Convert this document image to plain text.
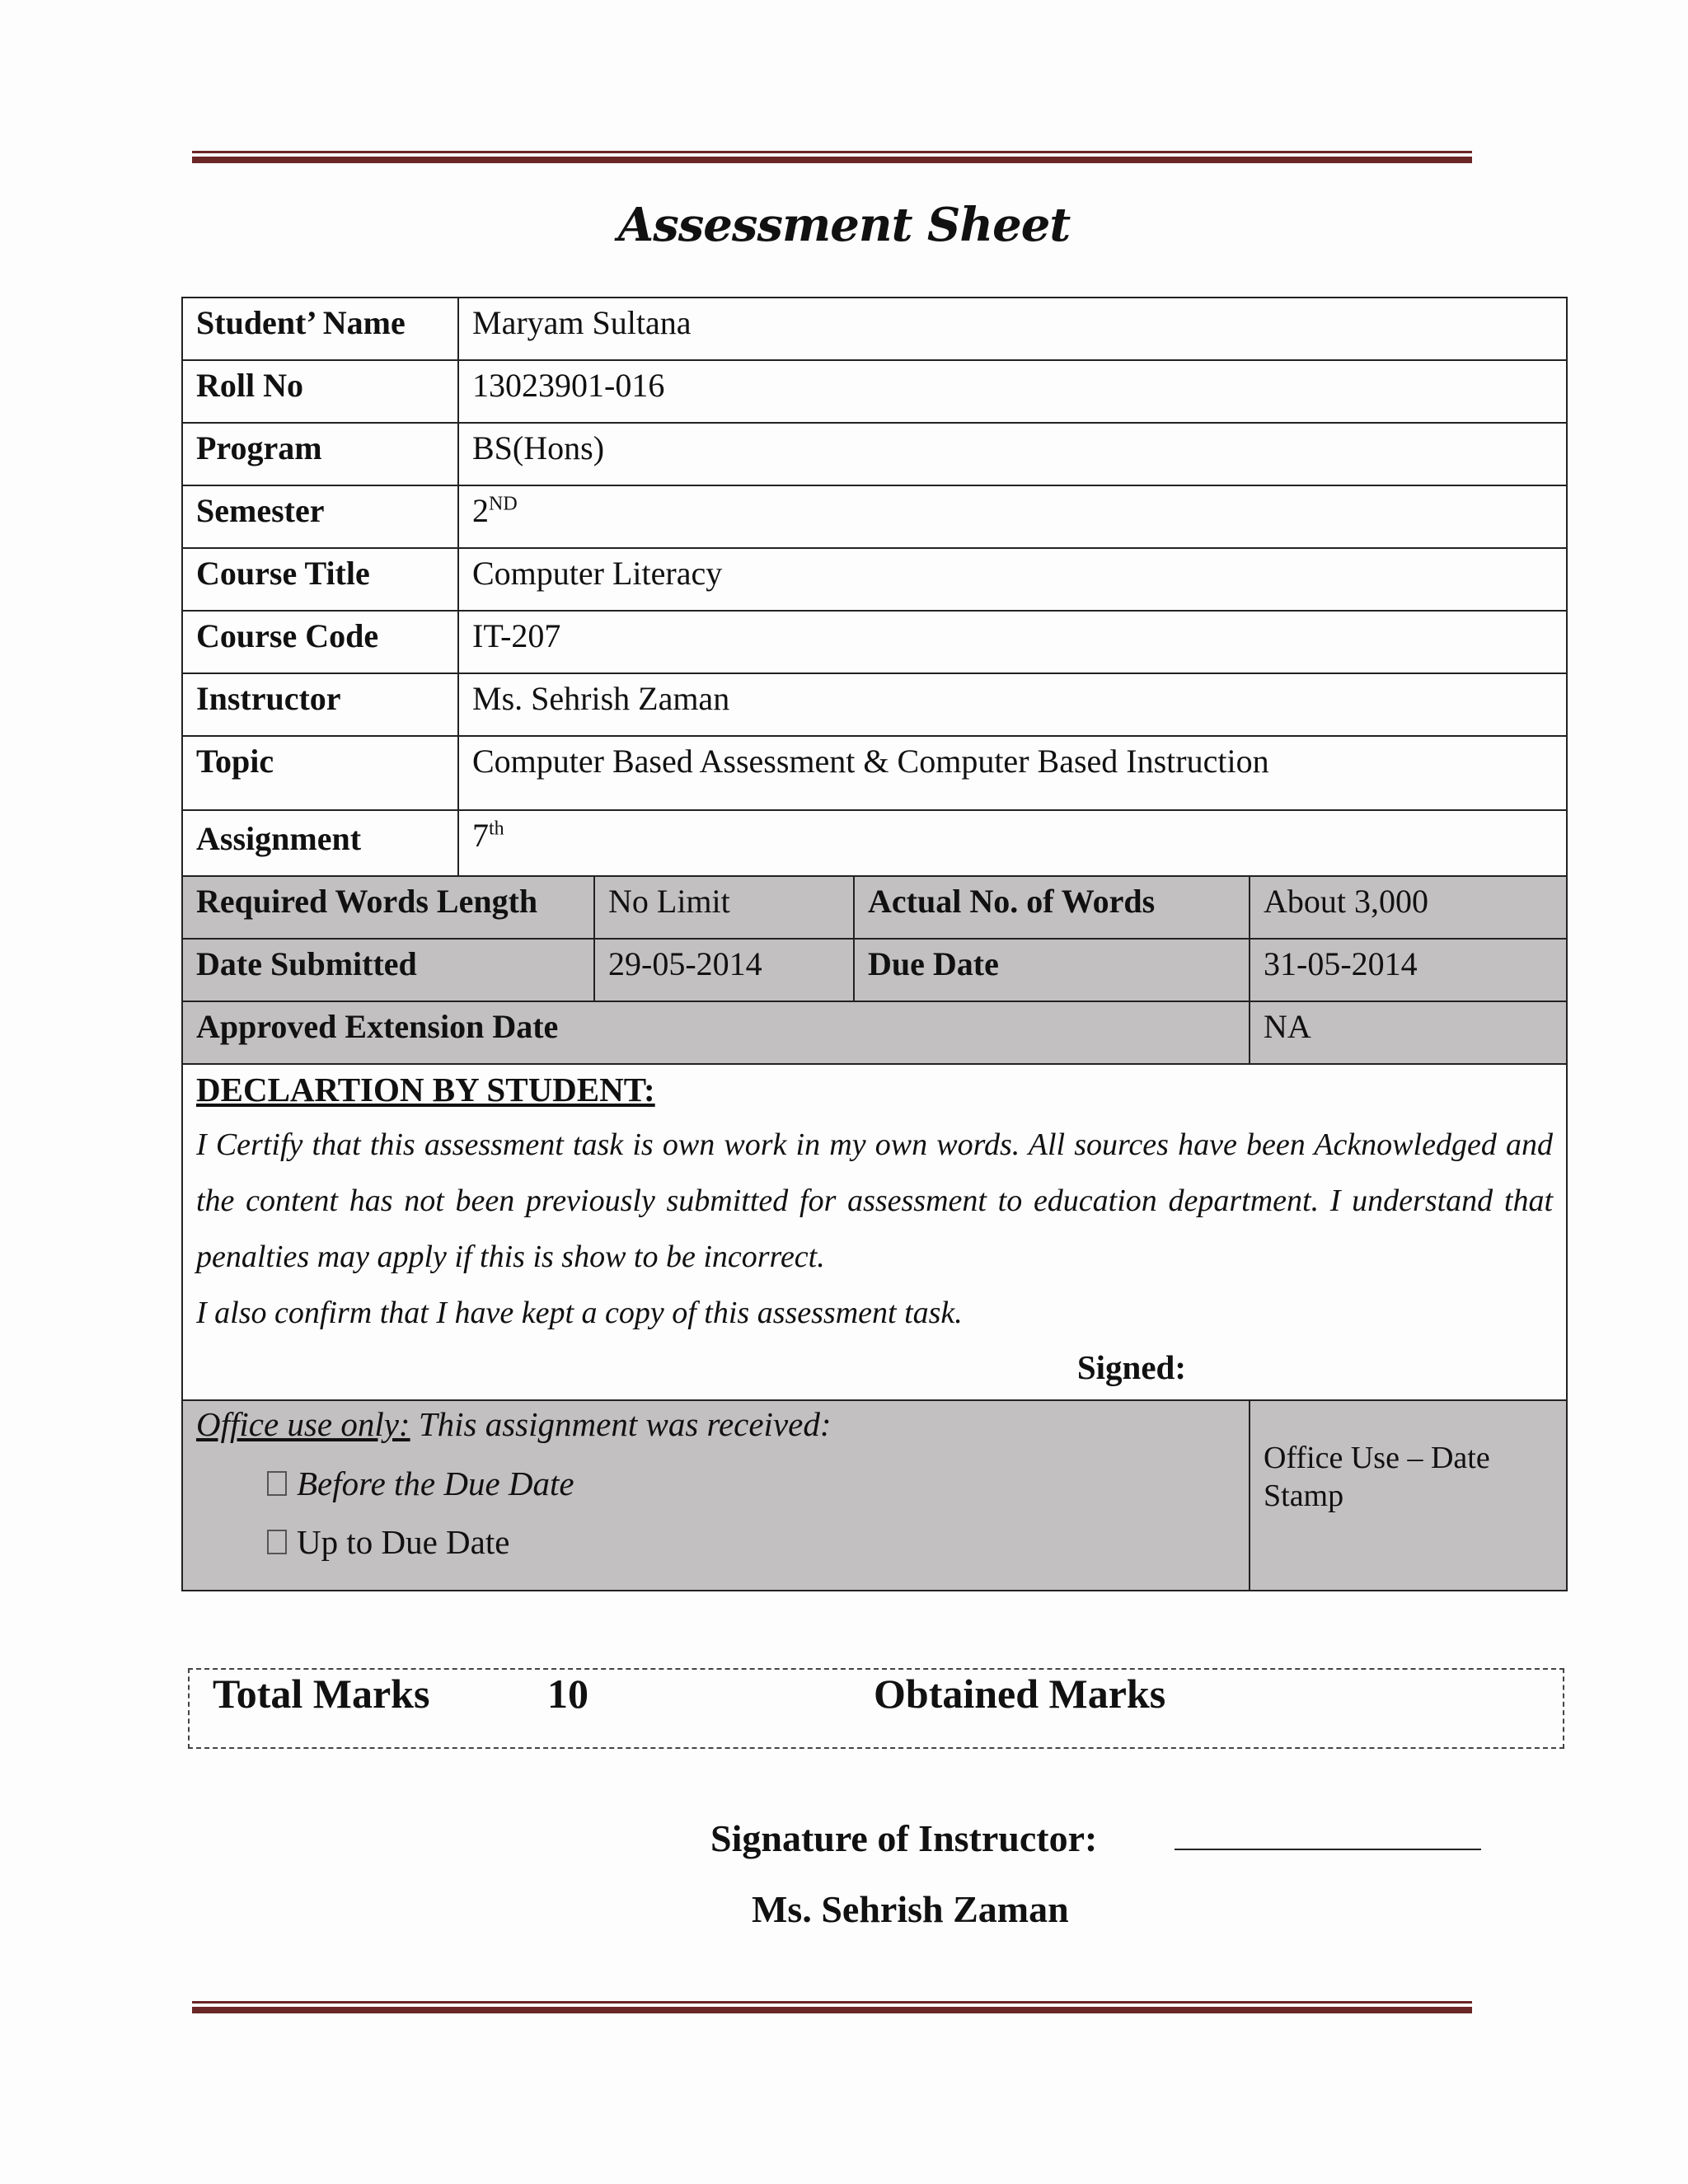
Assessment Sheet
Student’ Name	Maryam Sultana			
Roll No	13023901-016			
Program	BS(Hons)			
Semester	2ND
Course Title	Computer Literacy			
Course Code	IT-207			
Instructor	Ms. Sehrish Zaman			
Topic	Computer Based Assessment & Computer Based Instruction			
Assignment	7th
Required Words Length		No Limit	Actual No. of Words	About 3,000
Date Submitted		29-05-2014	Due Date	31-05-2014
Approved Extension Date				NA

DECLARTION BY STUDENT:

I Certify that this assessment task is own work in my own words. All sources have been Acknowledged and the content has not been previously submitted for assessment to education department. I understand that penalties may apply if this is show to be incorrect.

I also confirm that I have kept a copy of this assessment task.

Signed:				

Office use only: This assignment was received:
Before the Due Date
Up to Due Date				Office Use – Date Stamp
Total Marks	10	Obtained Marks
Signature of Instructor:
Ms. Sehrish Zaman
